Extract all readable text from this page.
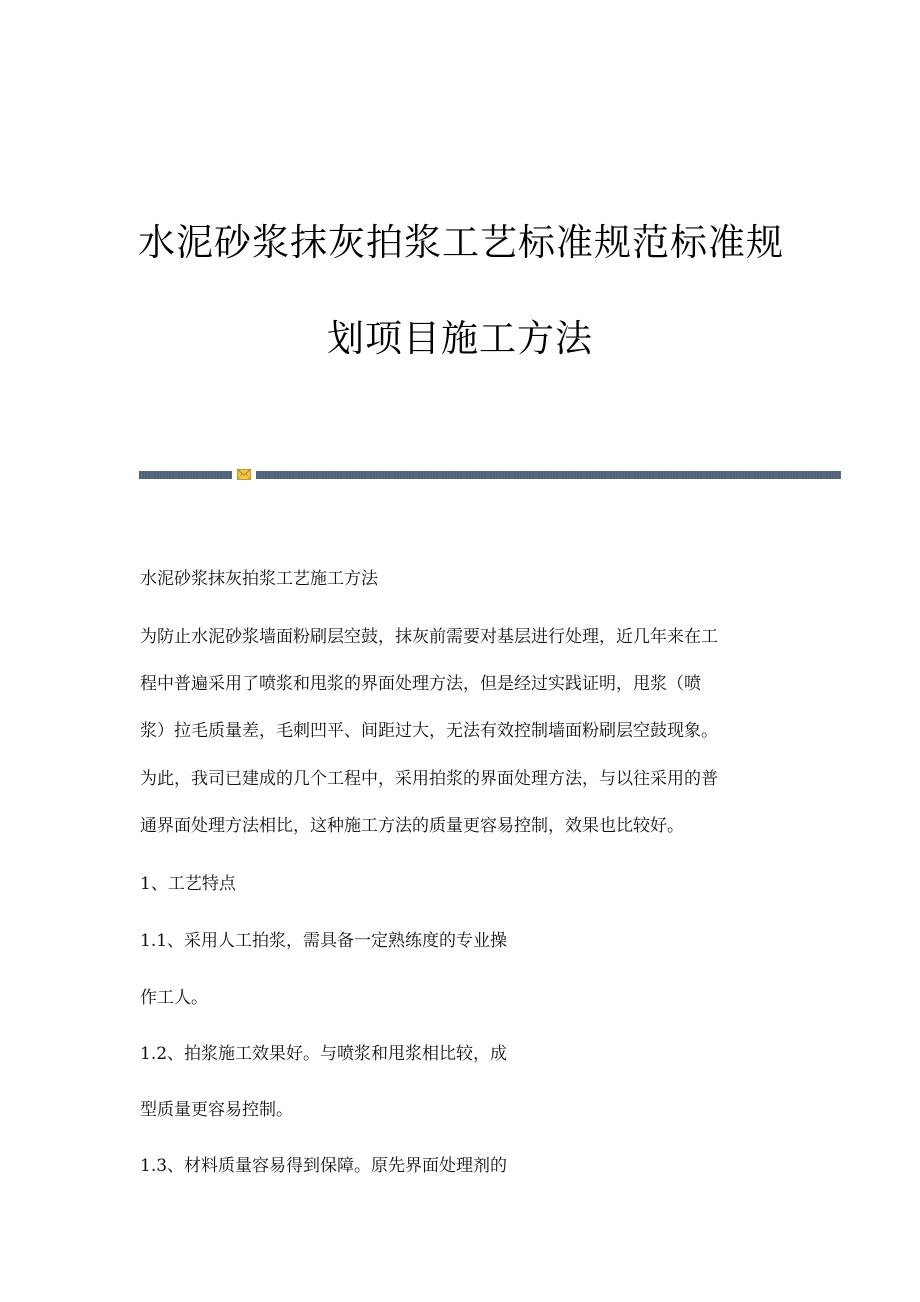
水泥砂浆抹灰拍浆工艺标准规范标准规
划项目施工方法

水泥砂浆抹灰拍浆工艺施工方法

为防止水泥砂浆墙面粉刷层空鼓，抹灰前需要对基层进行处理，近几年来在工

程中普遍采用了喷浆和甩浆的界面处理方法，但是经过实践证明，甩浆（喷

浆）拉毛质量差，毛刺凹平、间距过大，无法有效控制墙面粉刷层空鼓现象。

为此，我司已建成的几个工程中，采用拍浆的界面处理方法，与以往采用的普

通界面处理方法相比，这种施工方法的质量更容易控制，效果也比较好。

1、工艺特点

1.1、采用人工拍浆，需具备一定熟练度的专业操

作工人。

1.2、拍浆施工效果好。与喷浆和甩浆相比较，成

型质量更容易控制。

1.3、材料质量容易得到保障。原先界面处理剂的
